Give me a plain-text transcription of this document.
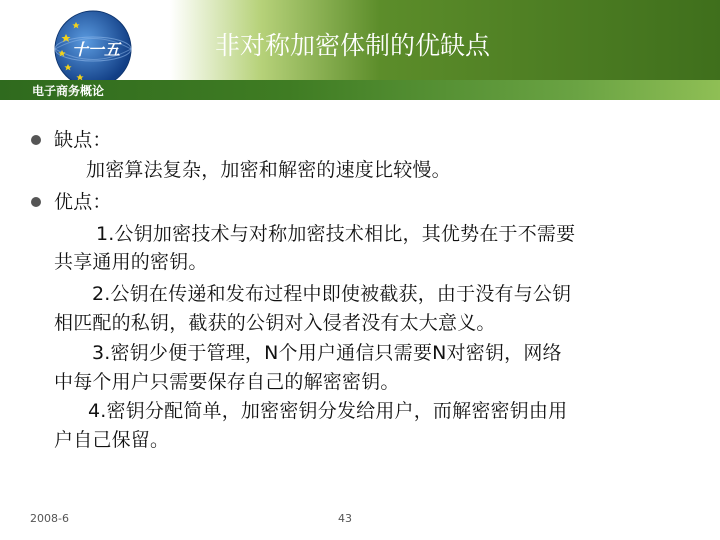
非对称加密体制的优缺点
十一五
电子商务概论
缺点：
加密算法复杂，加密和解密的速度比较慢。
优点：
1.公钥加密技术与对称加密技术相比，其优势在于不需要
共享通用的密钥。
2.公钥在传递和发布过程中即使被截获，由于没有与公钥
相匹配的私钥，截获的公钥对入侵者没有太大意义。
3.密钥少便于管理，N个用户通信只需要N对密钥，网络
中每个用户只需要保存自己的解密密钥。
4.密钥分配简单，加密密钥分发给用户，而解密密钥由用
户自己保留。
2008-6	43
